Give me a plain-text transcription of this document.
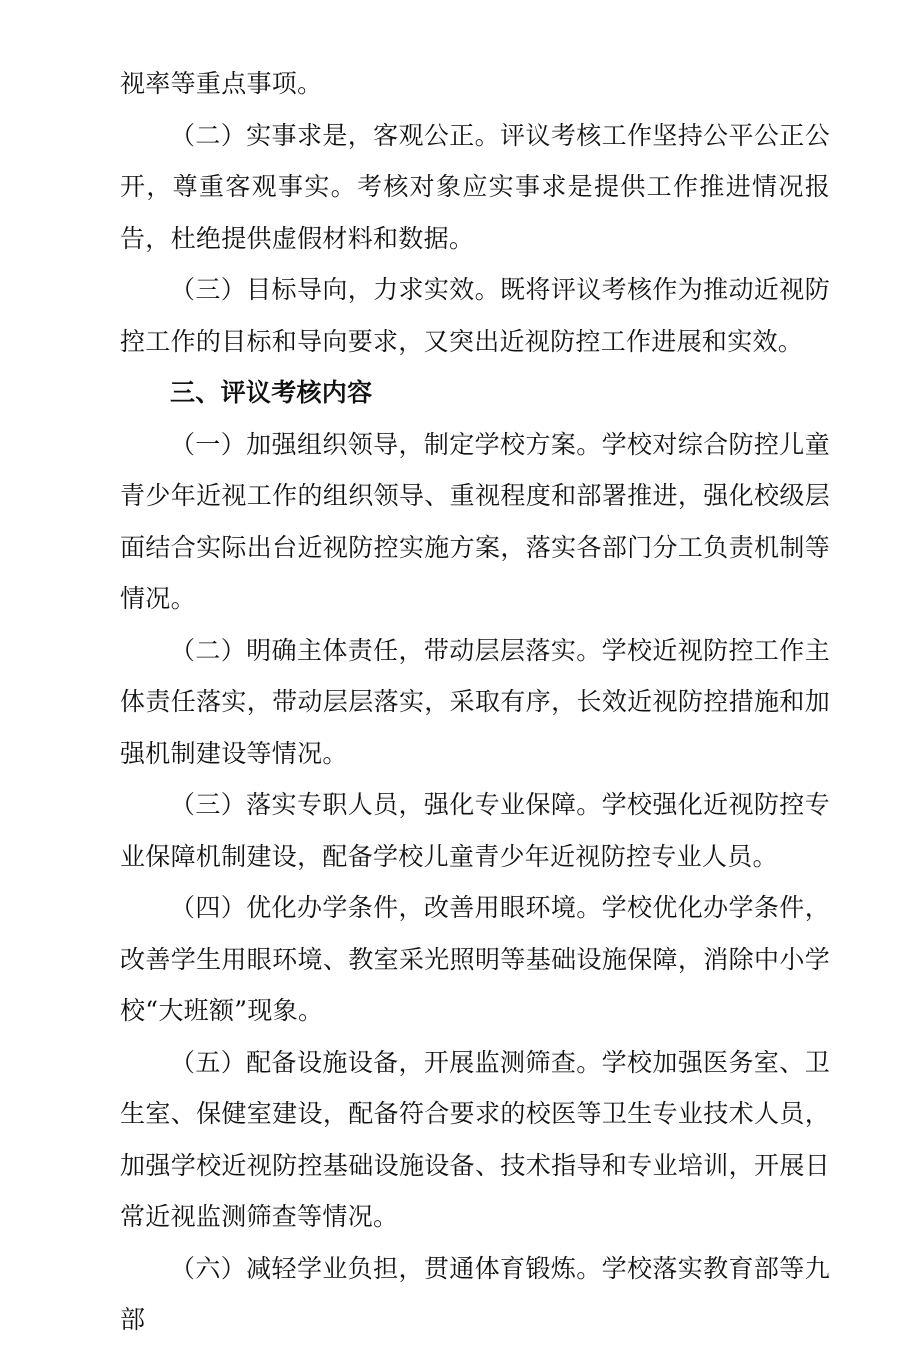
视率等重点事项。

（二）实事求是，客观公正。评议考核工作坚持公平公正公开，尊重客观事实。考核对象应实事求是提供工作推进情况报告，杜绝提供虚假材料和数据。

（三）目标导向，力求实效。既将评议考核作为推动近视防控工作的目标和导向要求，又突出近视防控工作进展和实效。

三、评议考核内容

（一）加强组织领导，制定学校方案。学校对综合防控儿童青少年近视工作的组织领导、重视程度和部署推进，强化校级层面结合实际出台近视防控实施方案，落实各部门分工负责机制等情况。

（二）明确主体责任，带动层层落实。学校近视防控工作主体责任落实，带动层层落实，采取有序，长效近视防控措施和加强机制建设等情况。

（三）落实专职人员，强化专业保障。学校强化近视防控专业保障机制建设，配备学校儿童青少年近视防控专业人员。

（四）优化办学条件，改善用眼环境。学校优化办学条件，改善学生用眼环境、教室采光照明等基础设施保障，消除中小学校“大班额”现象。

（五）配备设施设备，开展监测筛查。学校加强医务室、卫生室、保健室建设，配备符合要求的校医等卫生专业技术人员，加强学校近视防控基础设施设备、技术指导和专业培训，开展日常近视监测筛查等情况。

（六）减轻学业负担，贯通体育锻炼。学校落实教育部等九部
